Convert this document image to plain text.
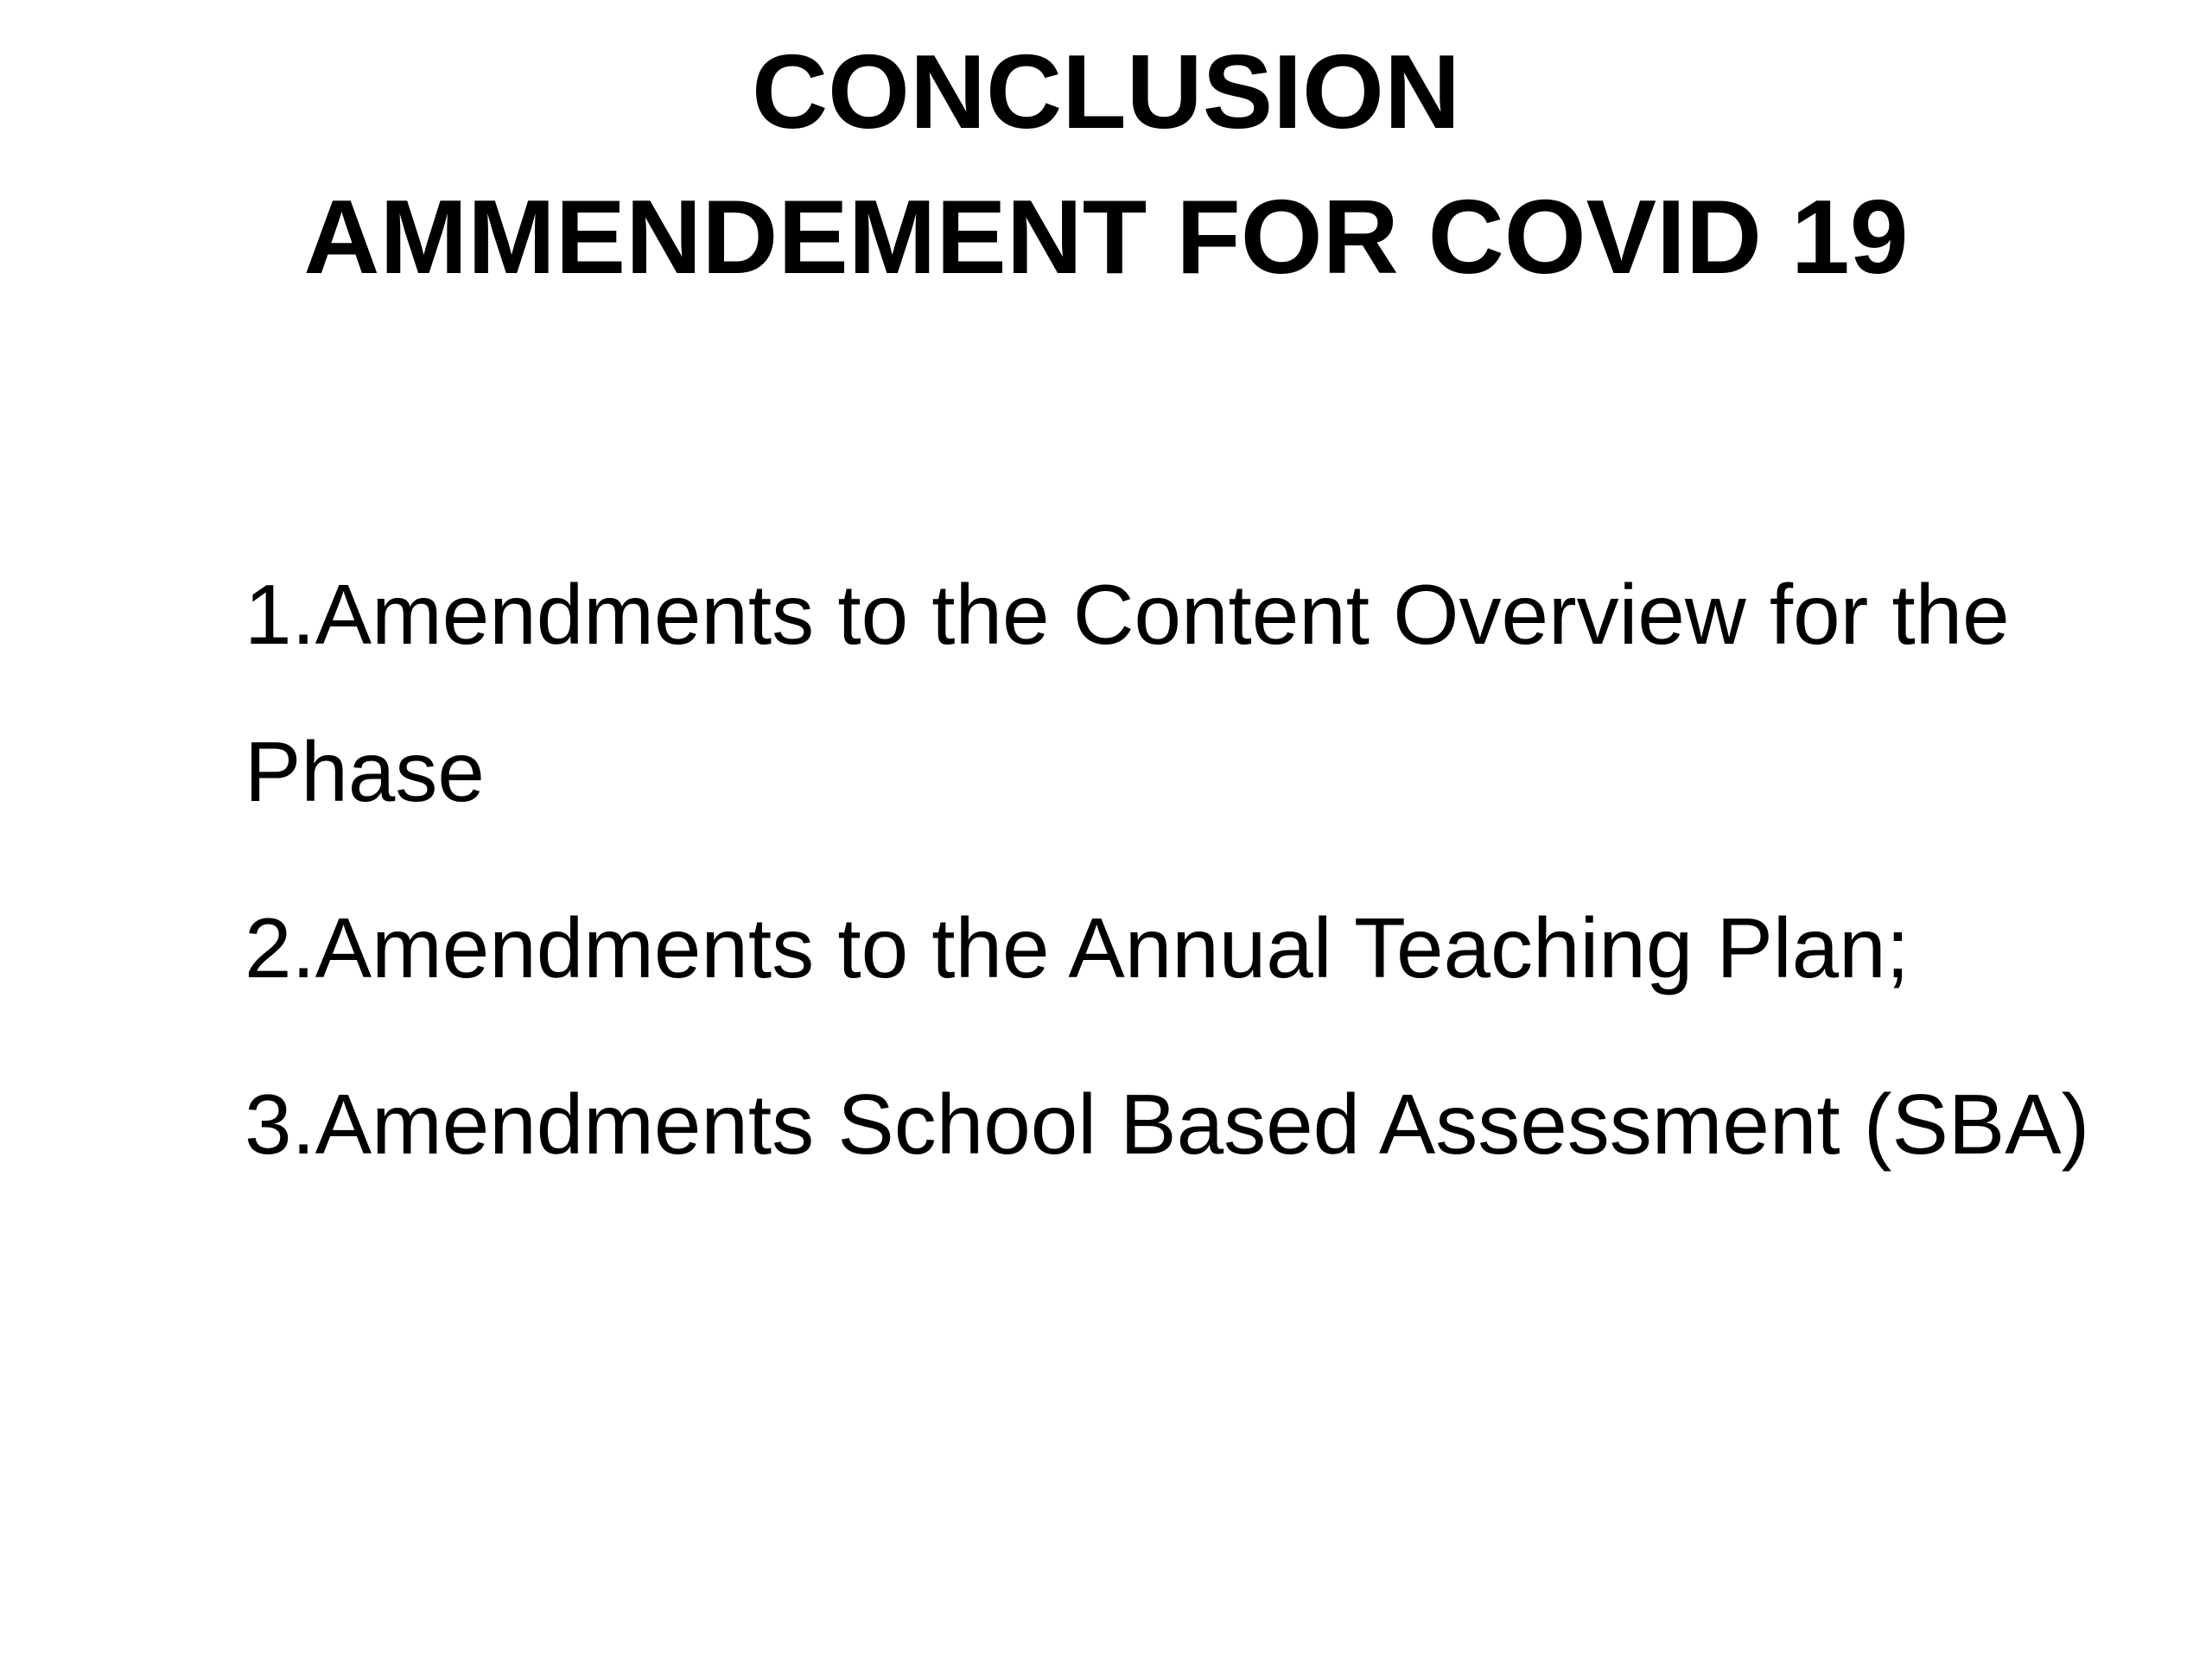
CONCLUSION
AMMENDEMENT FOR COVID 19

1.Amendments to the Content Overview for the Phase

2.Amendments to the Annual Teaching Plan;

3.Amendments School Based Assessment (SBA)
